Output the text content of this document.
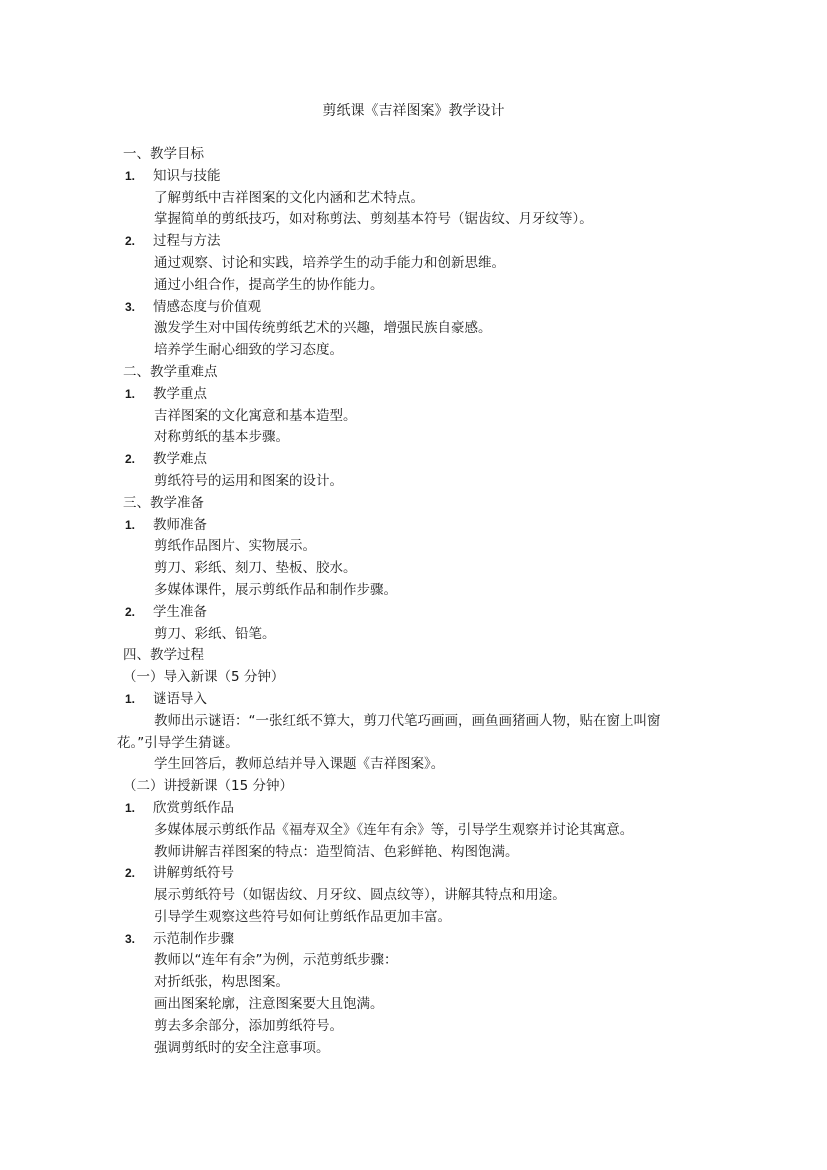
剪纸课《吉祥图案》教学设计
一、教学目标
1. 知识与技能
了解剪纸中吉祥图案的文化内涵和艺术特点。
掌握简单的剪纸技巧，如对称剪法、剪刻基本符号（锯齿纹、月牙纹等）。
2. 过程与方法
通过观察、讨论和实践，培养学生的动手能力和创新思维。
通过小组合作，提高学生的协作能力。
3. 情感态度与价值观
激发学生对中国传统剪纸艺术的兴趣，增强民族自豪感。
培养学生耐心细致的学习态度。
二、教学重难点
1. 教学重点
吉祥图案的文化寓意和基本造型。
对称剪纸的基本步骤。
2. 教学难点
剪纸符号的运用和图案的设计。
三、教学准备
1. 教师准备
剪纸作品图片、实物展示。
剪刀、彩纸、刻刀、垫板、胶水。
多媒体课件，展示剪纸作品和制作步骤。
2. 学生准备
剪刀、彩纸、铅笔。
四、教学过程
（一）导入新课（5 分钟）
1. 谜语导入
教师出示谜语：“一张红纸不算大，剪刀代笔巧画画，画鱼画猪画人物，贴在窗上叫窗
花。”引导学生猜谜。
学生回答后，教师总结并导入课题《吉祥图案》。
（二）讲授新课（15 分钟）
1. 欣赏剪纸作品
多媒体展示剪纸作品《福寿双全》《连年有余》等，引导学生观察并讨论其寓意。
教师讲解吉祥图案的特点：造型简洁、色彩鲜艳、构图饱满。
2. 讲解剪纸符号
展示剪纸符号（如锯齿纹、月牙纹、圆点纹等），讲解其特点和用途。
引导学生观察这些符号如何让剪纸作品更加丰富。
3. 示范制作步骤
教师以“连年有余”为例，示范剪纸步骤：
对折纸张，构思图案。
画出图案轮廓，注意图案要大且饱满。
剪去多余部分，添加剪纸符号。
强调剪纸时的安全注意事项。
